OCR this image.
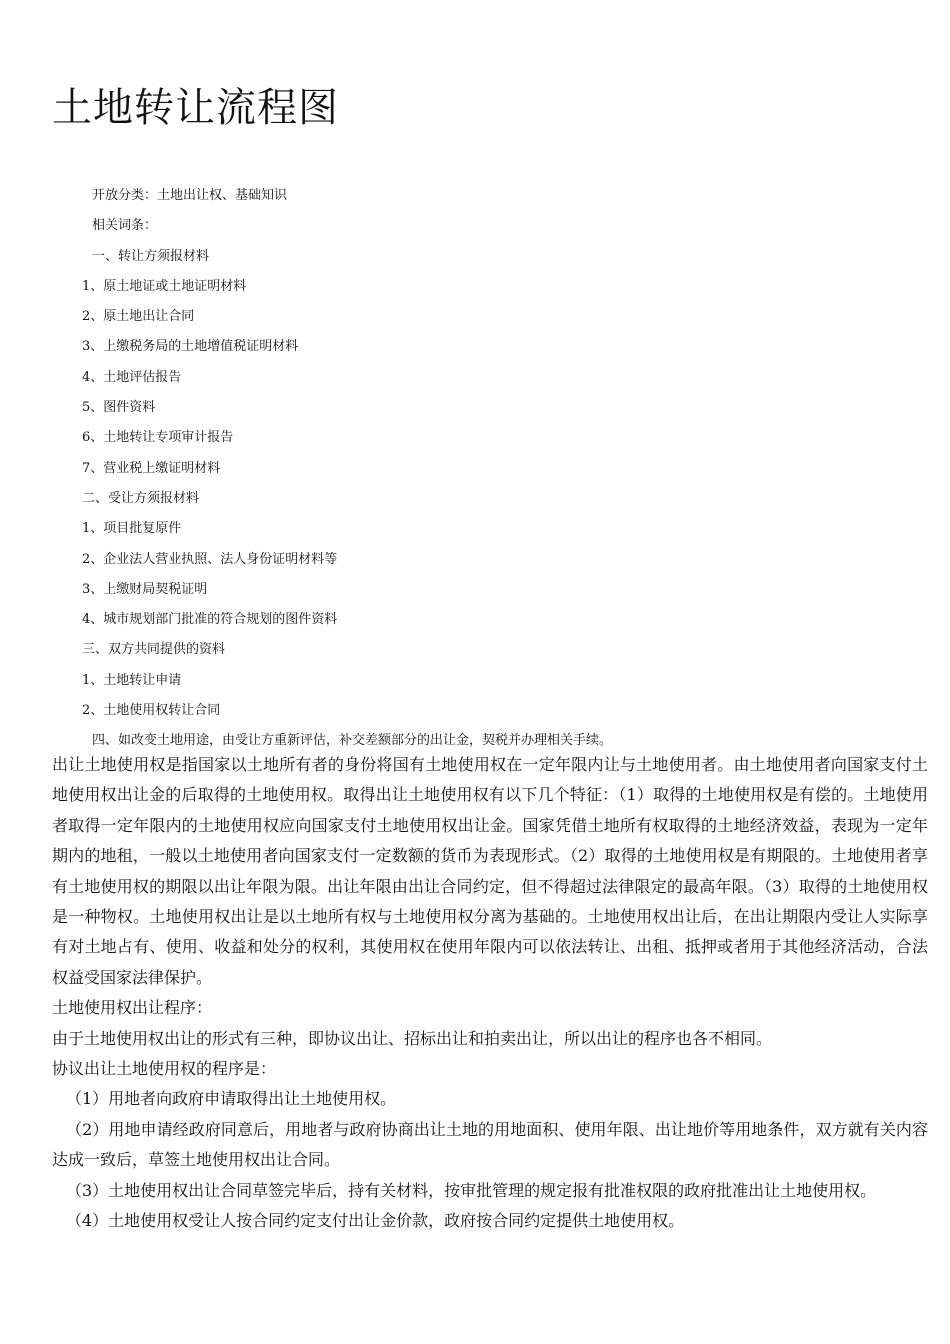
土地转让流程图
开放分类：土地出让权、基础知识
相关词条：
一、转让方须报材料
1、原土地证或土地证明材料
2、原土地出让合同
3、上缴税务局的土地增值税证明材料
4、土地评估报告
5、图件资料
6、土地转让专项审计报告
7、营业税上缴证明材料
二、受让方须报材料
1、项目批复原件
2、企业法人营业执照、法人身份证明材料等
3、上缴财局契税证明
4、城市规划部门批准的符合规划的图件资料
三、双方共同提供的资料
1、土地转让申请
2、土地使用权转让合同
四、如改变土地用途，由受让方重新评估，补交差额部分的出让金，契税并办理相关手续。

出让土地使用权是指国家以土地所有者的身份将国有土地使用权在一定年限内让与土地使用者。由土地使用者向国家支付土地使用权出让金的后取得的土地使用权。取得出让土地使用权有以下几个特征：（1）取得的土地使用权是有偿的。土地使用者取得一定年限内的土地使用权应向国家支付土地使用权出让金。国家凭借土地所有权取得的土地经济效益，表现为一定年期内的地租，一般以土地使用者向国家支付一定数额的货币为表现形式。（2）取得的土地使用权是有期限的。土地使用者享有土地使用权的期限以出让年限为限。出让年限由出让合同约定，但不得超过法律限定的最高年限。（3）取得的土地使用权是一种物权。土地使用权出让是以土地所有权与土地使用权分离为基础的。土地使用权出让后，在出让期限内受让人实际享有对土地占有、使用、收益和处分的权利，其使用权在使用年限内可以依法转让、出租、抵押或者用于其他经济活动，合法权益受国家法律保护。

土地使用权出让程序：

由于土地使用权出让的形式有三种，即协议出让、招标出让和拍卖出让，所以出让的程序也各不相同。

协议出让土地使用权的程序是：

（1）用地者向政府申请取得出让土地使用权。

（2）用地申请经政府同意后，用地者与政府协商出让土地的用地面积、使用年限、出让地价等用地条件，双方就有关内容达成一致后，草签土地使用权出让合同。

（3）土地使用权出让合同草签完毕后，持有关材料，按审批管理的规定报有批准权限的政府批准出让土地使用权。

（4）土地使用权受让人按合同约定支付出让金价款，政府按合同约定提供土地使用权。
